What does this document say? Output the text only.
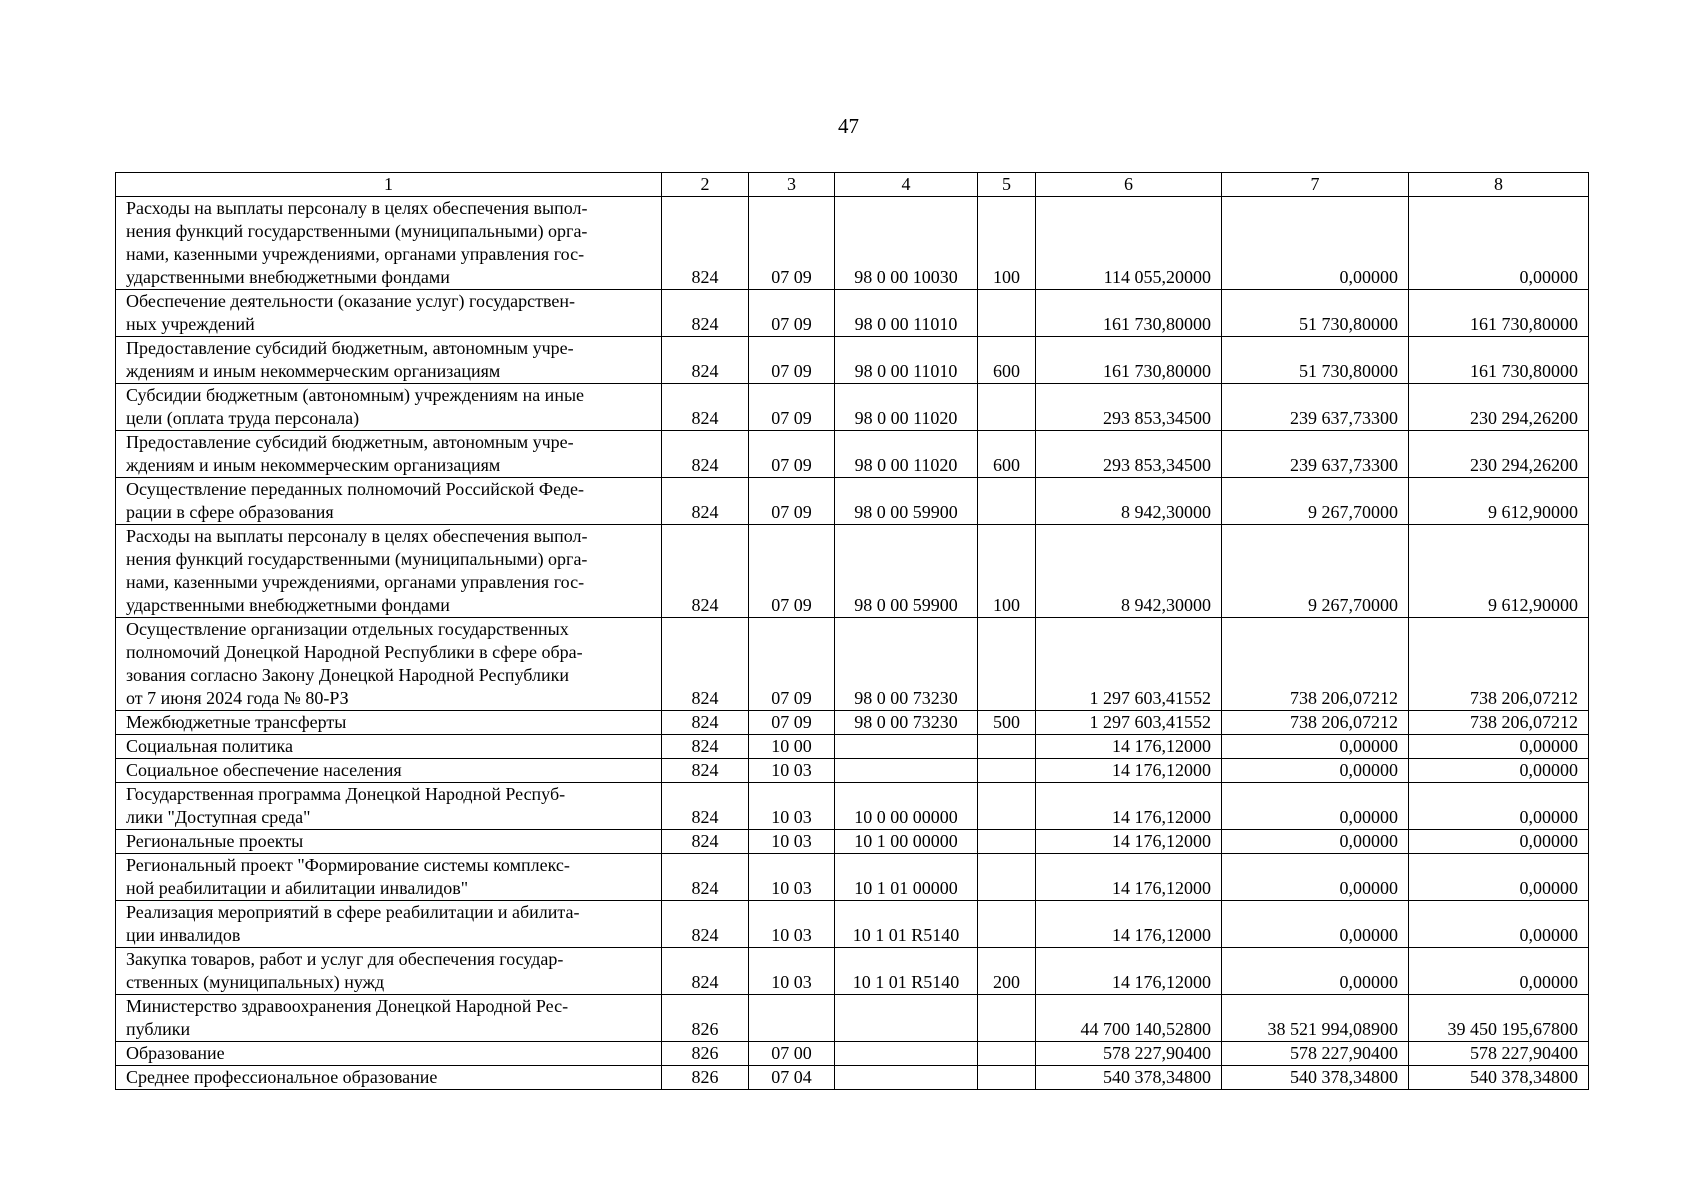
47
1	2	3	4	5	6	7	8
Расходы на выплаты персоналу в целях обеспечения выпол-
нения функций государственными (муниципальными) орга-
нами, казенными учреждениями, органами управления гос-
ударственными внебюджетными фондами	824	07 09	98 0 00 10030	100	114 055,20000	0,00000	0,00000
Обеспечение деятельности (оказание услуг) государствен-
ных учреждений	824	07 09	98 0 00 11010		161 730,80000	51 730,80000	161 730,80000
Предоставление субсидий бюджетным, автономным учре-
ждениям и иным некоммерческим организациям	824	07 09	98 0 00 11010	600	161 730,80000	51 730,80000	161 730,80000
Субсидии бюджетным (автономным) учреждениям на иные
цели (оплата труда персонала)	824	07 09	98 0 00 11020		293 853,34500	239 637,73300	230 294,26200
Предоставление субсидий бюджетным, автономным учре-
ждениям и иным некоммерческим организациям	824	07 09	98 0 00 11020	600	293 853,34500	239 637,73300	230 294,26200
Осуществление переданных полномочий Российской Феде-
рации в сфере образования	824	07 09	98 0 00 59900		8 942,30000	9 267,70000	9 612,90000
Расходы на выплаты персоналу в целях обеспечения выпол-
нения функций государственными (муниципальными) орга-
нами, казенными учреждениями, органами управления гос-
ударственными внебюджетными фондами	824	07 09	98 0 00 59900	100	8 942,30000	9 267,70000	9 612,90000
Осуществление организации отдельных государственных
полномочий Донецкой Народной Республики в сфере обра-
зования согласно Закону Донецкой Народной Республики
от 7 июня 2024 года № 80-РЗ	824	07 09	98 0 00 73230		1 297 603,41552	738 206,07212	738 206,07212
Межбюджетные трансферты	824	07 09	98 0 00 73230	500	1 297 603,41552	738 206,07212	738 206,07212
Социальная политика	824	10 00			14 176,12000	0,00000	0,00000
Социальное обеспечение населения	824	10 03			14 176,12000	0,00000	0,00000
Государственная программа Донецкой Народной Респуб-
лики "Доступная среда"	824	10 03	10 0 00 00000		14 176,12000	0,00000	0,00000
Региональные проекты	824	10 03	10 1 00 00000		14 176,12000	0,00000	0,00000
Региональный проект "Формирование системы комплекс-
ной реабилитации и абилитации инвалидов"	824	10 03	10 1 01 00000		14 176,12000	0,00000	0,00000
Реализация мероприятий в сфере реабилитации и абилита-
ции инвалидов	824	10 03	10 1 01 R5140		14 176,12000	0,00000	0,00000
Закупка товаров, работ и услуг для обеспечения государ-
ственных (муниципальных) нужд	824	10 03	10 1 01 R5140	200	14 176,12000	0,00000	0,00000
Министерство здравоохранения Донецкой Народной Рес-
публики	826				44 700 140,52800	38 521 994,08900	39 450 195,67800
Образование	826	07 00			578 227,90400	578 227,90400	578 227,90400
Среднее профессиональное образование	826	07 04			540 378,34800	540 378,34800	540 378,34800
